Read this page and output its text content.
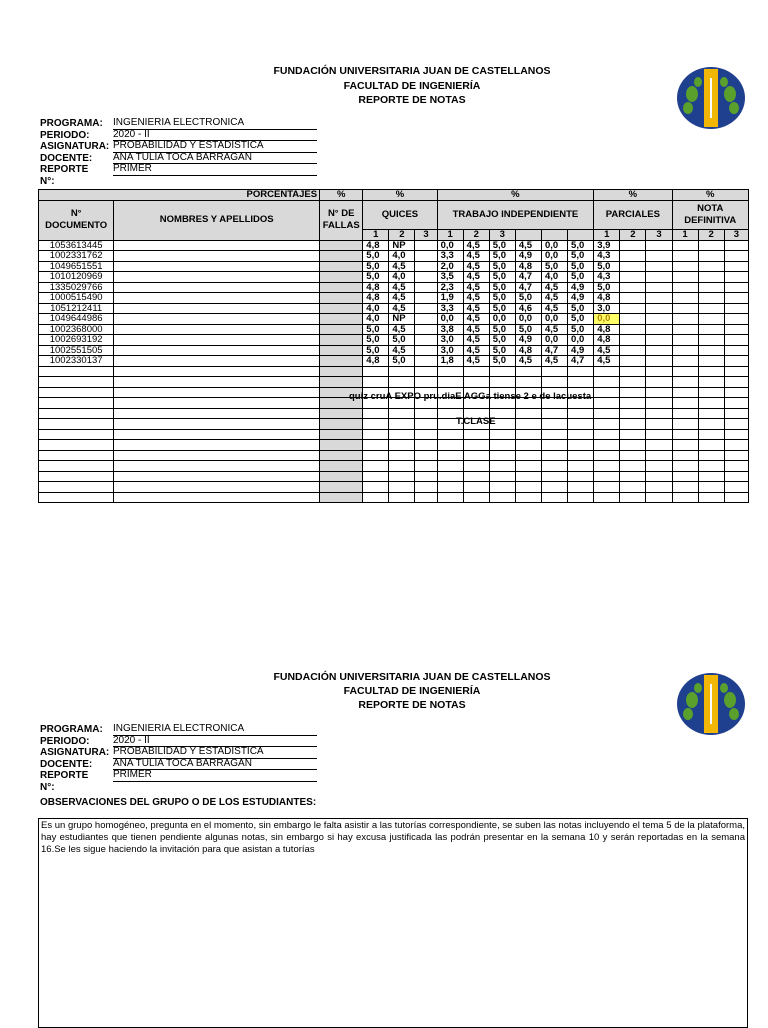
FUNDACIÓN UNIVERSITARIA JUAN DE CASTELLANOS
FACULTAD DE INGENIERÍA
REPORTE DE NOTAS
PROGRAMA: INGENIERIA ELECTRONICA
PERIODO: 2020 - II
ASIGNATURA: PROBABILIDAD Y ESTADISTICA
DOCENTE: ANA TULIA TOCA BARRAGAN
REPORTE N°:
PRIMER
PORCENTAJES		%	%			%						%			%		
N° DOCUMENTO	NOMBRES Y APELLIDOS	N° DE FALLAS	QUICES			TRABAJO INDEPENDIENTE						PARCIALES			NOTA DEFINITIVA		
			1	2	3	1	2	3				1	2	3	1	2	3
1053613445			4,8	NP		0,0	4,5	5,0	4,5	0,0	5,0	3,9					
1002331762			5,0	4,0		3,3	4,5	5,0	4,9	0,0	5,0	4,3					
1049651551			5,0	4,5		2,0	4,5	5,0	4,8	5,0	5,0	5,0					
1010120969			5,0	4,0		3,5	4,5	5,0	4,7	4,0	5,0	4,3					
1335029766			4,8	4,5		2,3	4,5	5,0	4,7	4,5	4,9	5,0					
1000515490			4,8	4,5		1,9	4,5	5,0	5,0	4,5	4,9	4,8					
1051212411			4,0	4,5		3,3	4,5	5,0	4,6	4,5	5,0	3,0					
1049644986			4,0	NP		0,0	4,5	0,0	0,0	0,0	5,0	0,0					
1002368000			5,0	4,5		3,8	4,5	5,0	5,0	4,5	5,0	4,8					
1002693192			5,0	5,0		3,0	4,5	5,0	4,9	0,0	0,0	4,8					
1002551505			5,0	4,5		3,0	4,5	5,0	4,8	4,7	4,9	4,5					
1002330137			4,8	5,0		1,8	4,5	5,0	4,5	4,5	4,7	4,5					

quiz cruA EXPO pru.diaE AGGa tiense 2 e de lacuesta
T.CLASE
FUNDACIÓN UNIVERSITARIA JUAN DE CASTELLANOS
FACULTAD DE INGENIERÍA
REPORTE DE NOTAS
PROGRAMA: INGENIERIA ELECTRONICA
PERIODO: 2020 - II
ASIGNATURA: PROBABILIDAD Y ESTADISTICA
DOCENTE: ANA TULIA TOCA BARRAGAN
REPORTE N°:
PRIMER
OBSERVACIONES DEL GRUPO O DE LOS ESTUDIANTES:
Es un grupo homogéneo, pregunta en el momento, sin embargo le falta asistir a las tutorías correspondiente, se suben las notas incluyendo el tema 5 de la plataforma, hay estudiantes que tienen pendiente algunas notas, sin embargo si hay excusa justificada las podrán presentar en la semana 10 y serán reportadas en la semana 16.Se les sigue haciendo la invitación para que asistan a tutorías
